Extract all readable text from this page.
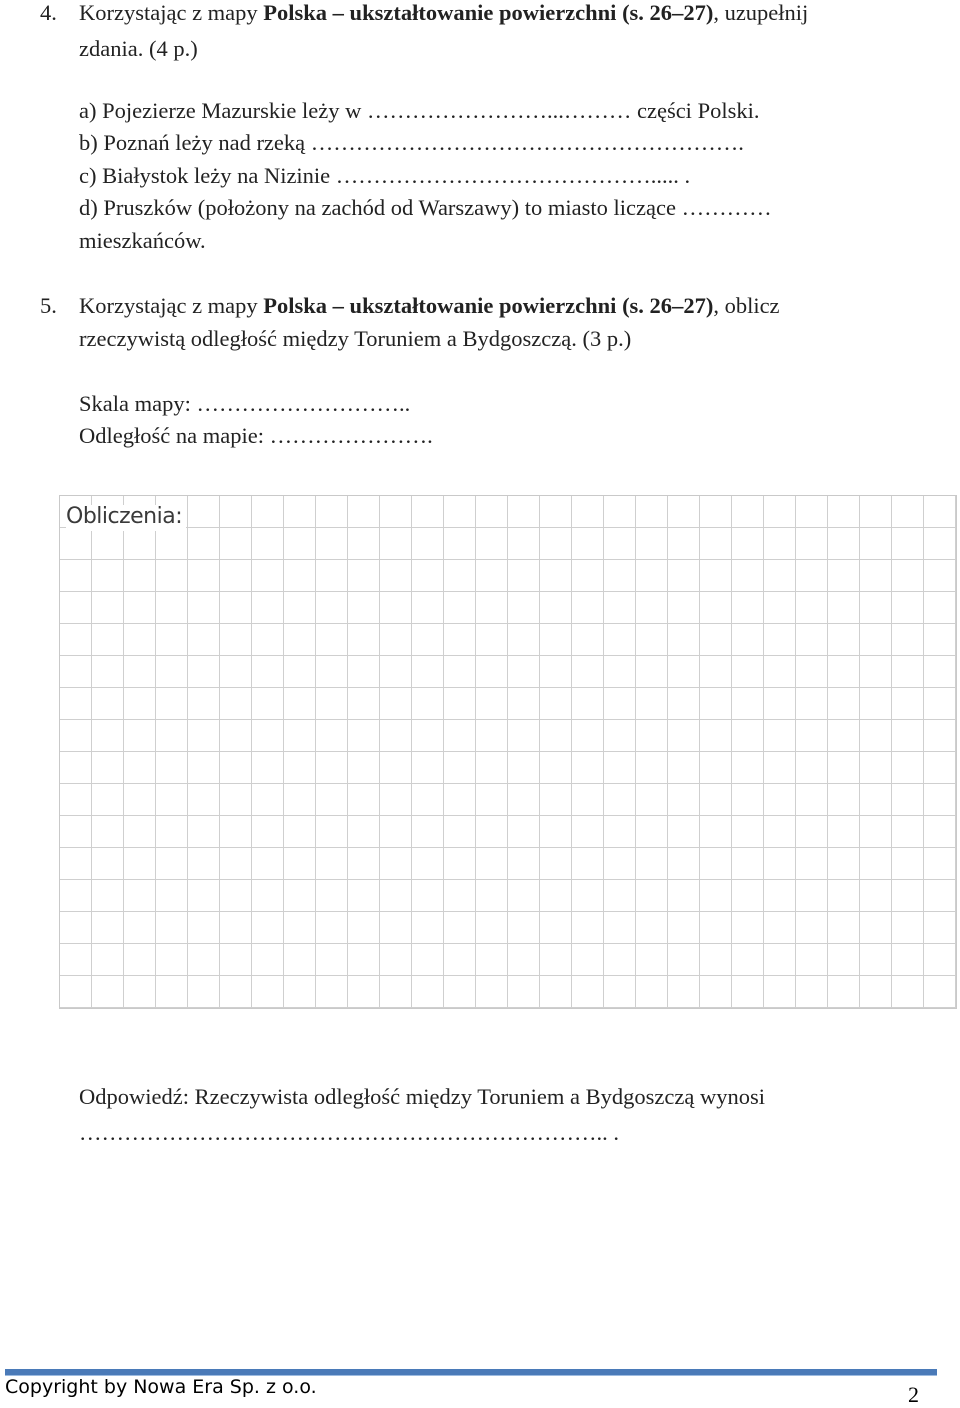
4. Korzystając z mapy Polska – ukształtowanie powierzchni (s. 26–27), uzupełnij
zdania. (4 p.)
a) Pojezierze Mazurskie leży w ……………………...……… części Polski.
b) Poznań leży nad rzeką ………………………………………………….
c) Białystok leży na Nizinie ……………………………………..... .
d) Pruszków (położony na zachód od Warszawy) to miasto liczące …………
mieszkańców.
5. Korzystając z mapy Polska – ukształtowanie powierzchni (s. 26–27), oblicz
rzeczywistą odległość między Toruniem a Bydgoszczą. (3 p.)
Skala mapy: ………………………..
Odległość na mapie: ………………….
Obliczenia:
Odpowiedź: Rzeczywista odległość między Toruniem a Bydgoszczą wynosi
…………………………………………………………….. .
Copyright by Nowa Era Sp. z o.o.	2
